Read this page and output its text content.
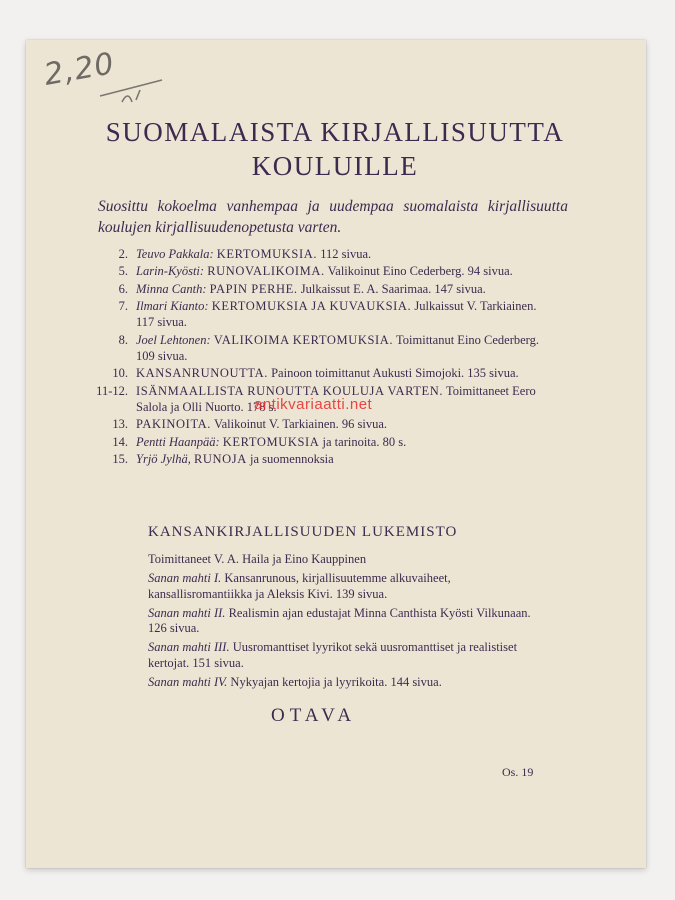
2,20
SUOMALAISTA KIRJALLISUUTTA
KOULUILLE
Suosittu kokoelma vanhempaa ja uudempaa suomalaista kirjallisuutta koulujen kirjallisuudenopetusta varten.
2. Teuvo Pakkala: KERTOMUKSIA. 112 sivua.
5. Larin-Kyösti: RUNOVALIKOIMA. Valikoinut Eino Cederberg. 94 sivua.
6. Minna Canth: PAPIN PERHE. Julkaissut E. A. Saarimaa. 147 sivua.
7. Ilmari Kianto: KERTOMUKSIA JA KUVAUKSIA. Julkaissut V. Tarkiainen. 117 sivua.
8. Joel Lehtonen: VALIKOIMA KERTOMUKSIA. Toimittanut Eino Cederberg. 109 sivua.
10. KANSANRUNOUTTA. Painoon toimittanut Aukusti Simojoki. 135 sivua.
11-12. ISÄNMAALLISTA RUNOUTTA KOULUJA VARTEN. Toimittaneet Eero Salola ja Olli Nuorto. 178 s.
13. PAKINOITA. Valikoinut V. Tarkiainen. 96 sivua.
14. Pentti Haanpää: KERTOMUKSIA ja tarinoita. 80 s.
15. Yrjö Jylhä, RUNOJA ja suomennoksia
KANSANKIRJALLISUUDEN LUKEMISTO
Toimittaneet V. A. Haila ja Eino Kauppinen
Sanan mahti I. Kansanrunous, kirjallisuutemme alkuvaiheet, kansallisromantiikka ja Aleksis Kivi. 139 sivua.
Sanan mahti II. Realismin ajan edustajat Minna Canthista Kyösti Vilkunaan. 126 sivua.
Sanan mahti III. Uusromanttiset lyyrikot sekä uusromanttiset ja realistiset kertojat. 151 sivua.
Sanan mahti IV. Nykyajan kertojia ja lyyrikoita. 144 sivua.
OTAVA
Os. 19
antikvariaatti.net
